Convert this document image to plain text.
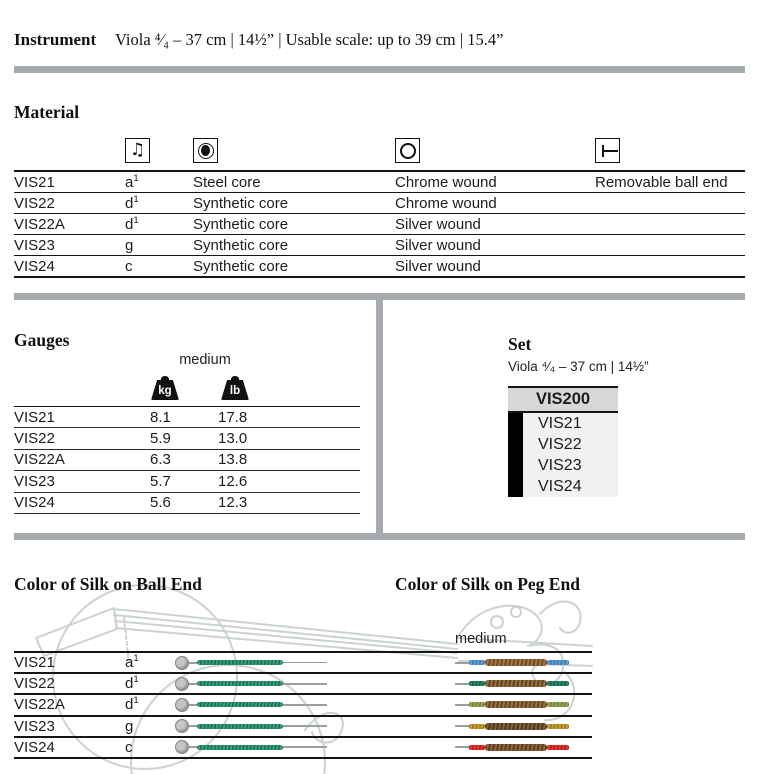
Instrument	Viola ⁴⁄₄ – 37 cm | 14½” | Usable scale: up to 39 cm | 15.4”
Material
♫
VIS21	$a^1$	Steel core	Chrome wound	Removable ball end
VIS22	$d^1$	Synthetic core	Chrome wound
VIS22A	$d^1$	Synthetic core	Silver wound
VIS23	g	Synthetic core	Silver wound
VIS24	c	Synthetic core	Silver wound
Gauges
medium
kg	lb
VIS21	8.1	17.8
VIS22	5.9	13.0
VIS22A	6.3	13.8
VIS23	5.7	12.6
VIS24	5.6	12.3
Set
Viola ⁴⁄₄ – 37 cm | 14½”
VIS200
VIS21
VIS22
VIS23
VIS24
Color of Silk on Ball End	Color of Silk on Peg End
medium
VIS21	$a^1$
VIS22	$d^1$
VIS22A	$d^1$
VIS23	g
VIS24	c
